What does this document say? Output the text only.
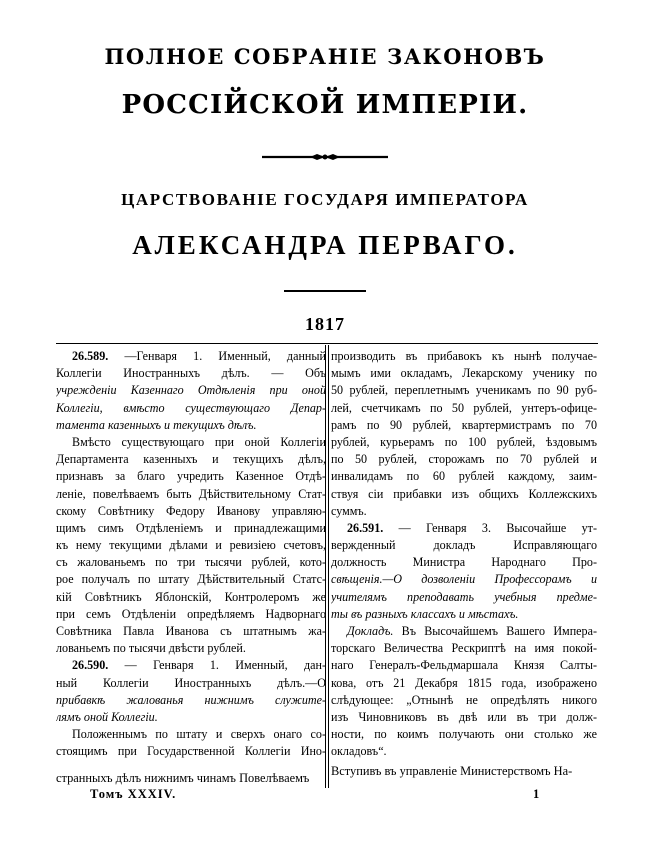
ПОЛНОЕ СОБРАНІЕ ЗАКОНОВЪ
РОССІЙСКОЙ ИМПЕРІИ.
ЦАРСТВОВАНІЕ ГОСУДАРЯ ИМПЕРАТОРА
АЛЕКСАНДРА ПЕРВАГО.
1817
26.589. —Генваря 1. Именный, данный
Коллегіи Иностранныхъ дѣлъ. — Объ
учрежденіи Казеннаго Отдѣленія при оной
Коллегіи, вмѣсто существующаго Депар-
тамента казенныхъ и текущихъ дѣлъ.
Вмѣсто существующаго при оной Коллегіи
Департамента казенныхъ и текущихъ дѣлъ,
признавъ за благо учредить Казенное Отдѣ-
леніе, повелѣваемъ быть Дѣйствительному Стат-
скому Совѣтнику Федору Иванову управляю-
щимъ симъ Отдѣленіемъ и принадлежащими
къ нему текущими дѣлами и ревизіею счетовъ,
съ жалованьемъ по три тысячи рублей, кото-
рое получалъ по штату Дѣйствительный Статс-
кій Совѣтникъ Яблонскій, Контролеромъ же
при семъ Отдѣленіи опредѣляемъ Надворнаго
Совѣтника Павла Иванова съ штатнымъ жа-
лованьемъ по тысячи двѣсти рублей.
26.590. — Генваря 1. Именный, дан-
ный Коллегіи Иностранныхъ дѣлъ.—О
прибавкѣ жалованья нижнимъ служите-
лямъ оной Коллегіи.
Положеннымъ по штату и сверхъ онаго со-
стоящимъ при Государственной Коллегіи Ино-
странныхъ дѣлъ нижнимъ чинамъ Повелѣваемъ
Томъ XXXIV.
производить въ прибавокъ къ нынѣ получае-
мымъ ими окладамъ, Лекарскому ученику по
50 рублей, переплетнымъ ученикамъ по 90 руб-
лей, счетчикамъ по 50 рублей, унтеръ-офице-
рамъ по 90 рублей, квартермистрамъ по 70
рублей, курьерамъ по 100 рублей, ѣздовымъ
по 50 рублей, сторожамъ по 70 рублей и
инвалидамъ по 60 рублей каждому, заим-
ствуя сіи прибавки изъ общихъ Коллежскихъ
суммъ.
26.591. — Генваря 3. Высочайше ут-
вержденный докладъ Исправляющаго
должность Министра Народнаго Про-
свѣщенія.—О дозволеніи Профессорамъ и
учителямъ преподавать учебныя предме-
ты въ разныхъ классахъ и мѣстахъ.
Докладъ. Въ Высочайшемъ Вашего Импера-
торскаго Величества Рескриптѣ на имя покой-
наго Генералъ-Фельдмаршала Князя Салты-
кова, отъ 21 Декабря 1815 года, изображено
слѣдующее: „Отнынѣ не опредѣлять никого
изъ Чиновниковъ въ двѣ или въ три долж-
ности, по коимъ получають они столько же
окладовъ“.
Вступивъ въ управленіе Министерствомъ На-
1
